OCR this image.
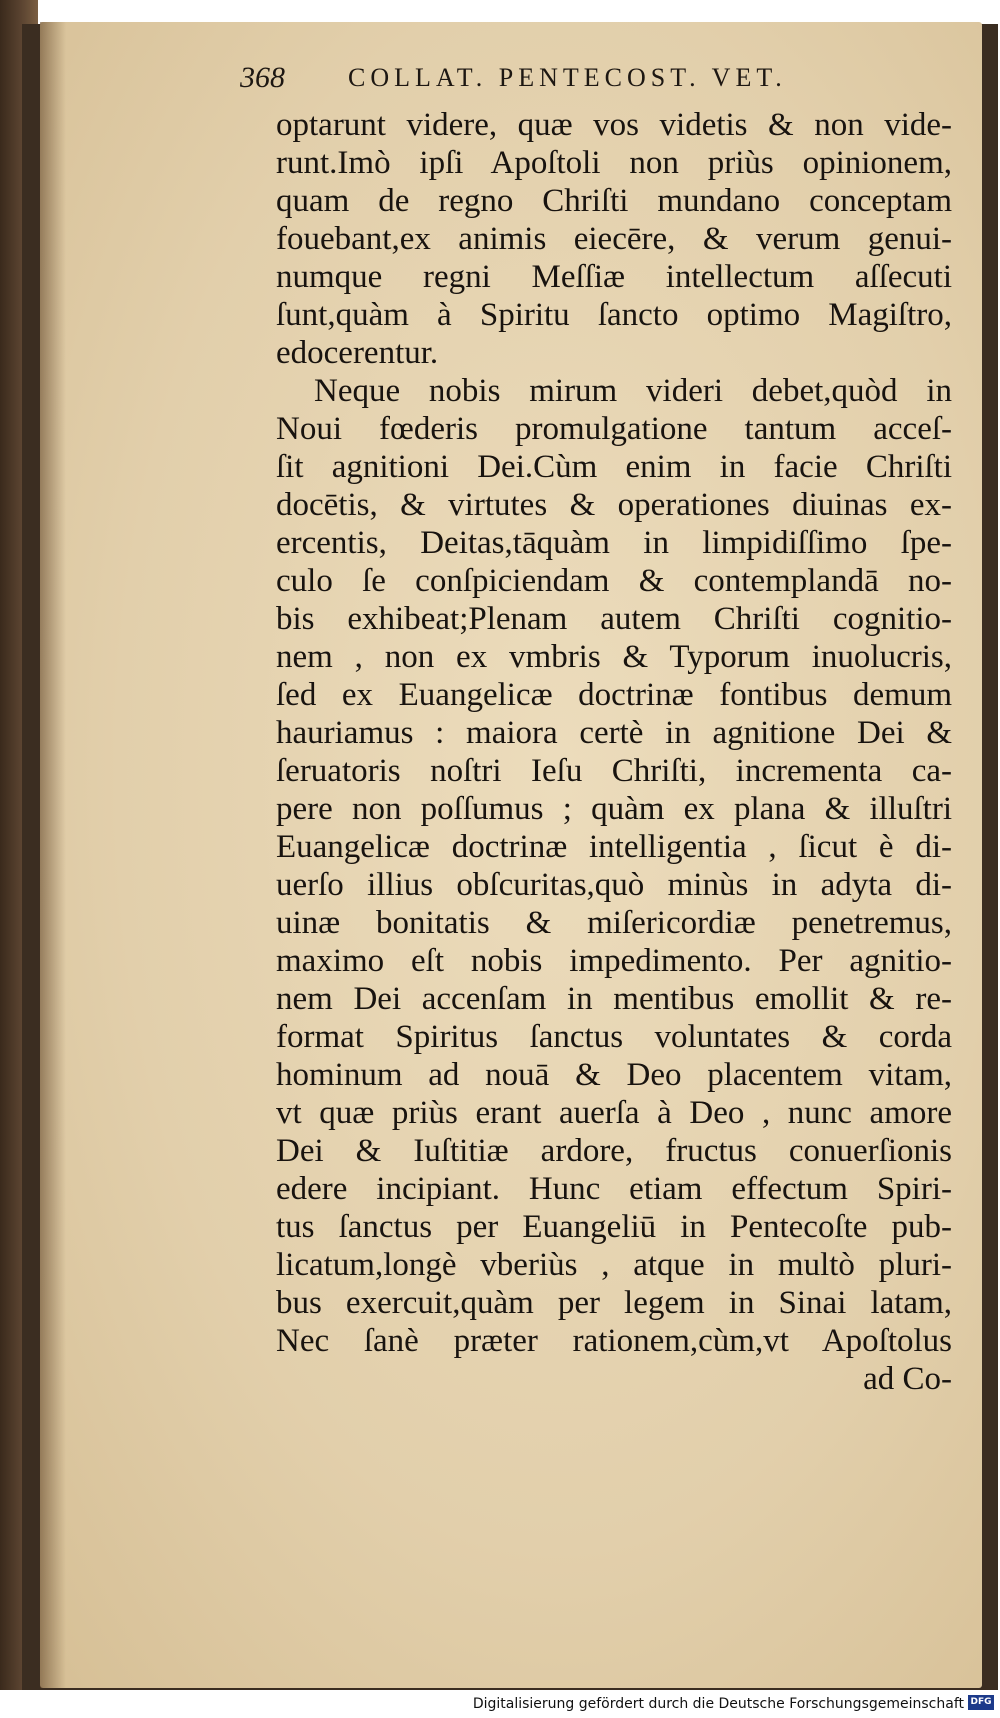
368 COLLAT. PENTECOST. VET.
optarunt videre, quæ vos videtis & non vide-
runt.Imò ipſi Apoſtoli non priùs opinionem,
quam de regno Chriſti mundano conceptam
fouebant,ex animis eiecēre, & verum genui-
numque regni Meſſiæ intellectum aſſecuti
ſunt,quàm à Spiritu ſancto optimo Magiſtro,
edocerentur.
Neque nobis mirum videri debet,quòd in
Noui fœderis promulgatione tantum acceſ-
ſit agnitioni Dei.Cùm enim in facie Chriſti
docētis, & virtutes & operationes diuinas ex-
ercentis, Deitas,tāquàm in limpidiſſimo ſpe-
culo ſe conſpiciendam & contemplandā no-
bis exhibeat;Plenam autem Chriſti cognitio-
nem , non ex vmbris & Typorum inuolucris,
ſed ex Euangelicæ doctrinæ fontibus demum
hauriamus : maiora certè in agnitione Dei &
ſeruatoris noſtri Ieſu Chriſti, incrementa ca-
pere non poſſumus ; quàm ex plana & illuſtri
Euangelicæ doctrinæ intelligentia , ſicut è di-
uerſo illius obſcuritas,quò minùs in adyta di-
uinæ bonitatis & miſericordiæ penetremus,
maximo eſt nobis impedimento. Per agnitio-
nem Dei accenſam in mentibus emollit & re-
format Spiritus ſanctus voluntates & corda
hominum ad nouā & Deo placentem vitam,
vt quæ priùs erant auerſa à Deo , nunc amore
Dei & Iuſtitiæ ardore, fructus conuerſionis
edere incipiant. Hunc etiam effectum Spiri-
tus ſanctus per Euangeliū in Pentecoſte pub-
licatum,longè vberiùs , atque in multò pluri-
bus exercuit,quàm per legem in Sinai latam,
Nec ſanè præter rationem,cùm,vt Apoſtolus
ad Co-
Digitalisierung gefördert durch die Deutsche Forschungsgemeinschaft DFG
